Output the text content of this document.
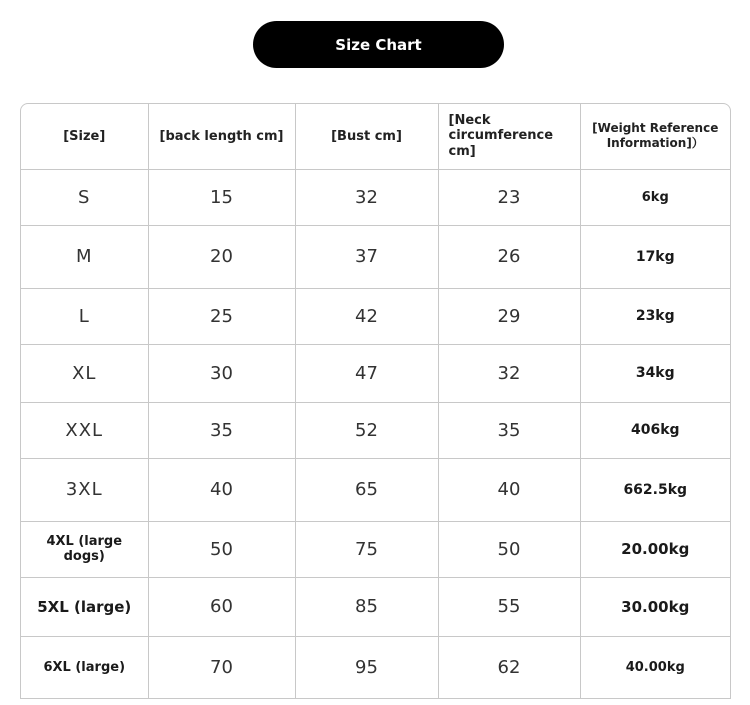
Size Chart
[Size]	[back length cm]	[Bust cm]	[Neck circumference cm]	[Weight Reference Information]）
S	15	32	23	6kg
M	20	37	26	17kg
L	25	42	29	23kg
XL	30	47	32	34kg
XXL	35	52	35	406kg
3XL	40	65	40	662.5kg
4XL (large dogs)	50	75	50	20.00kg
5XL (large)	60	85	55	30.00kg
6XL (large)	70	95	62	40.00kg
